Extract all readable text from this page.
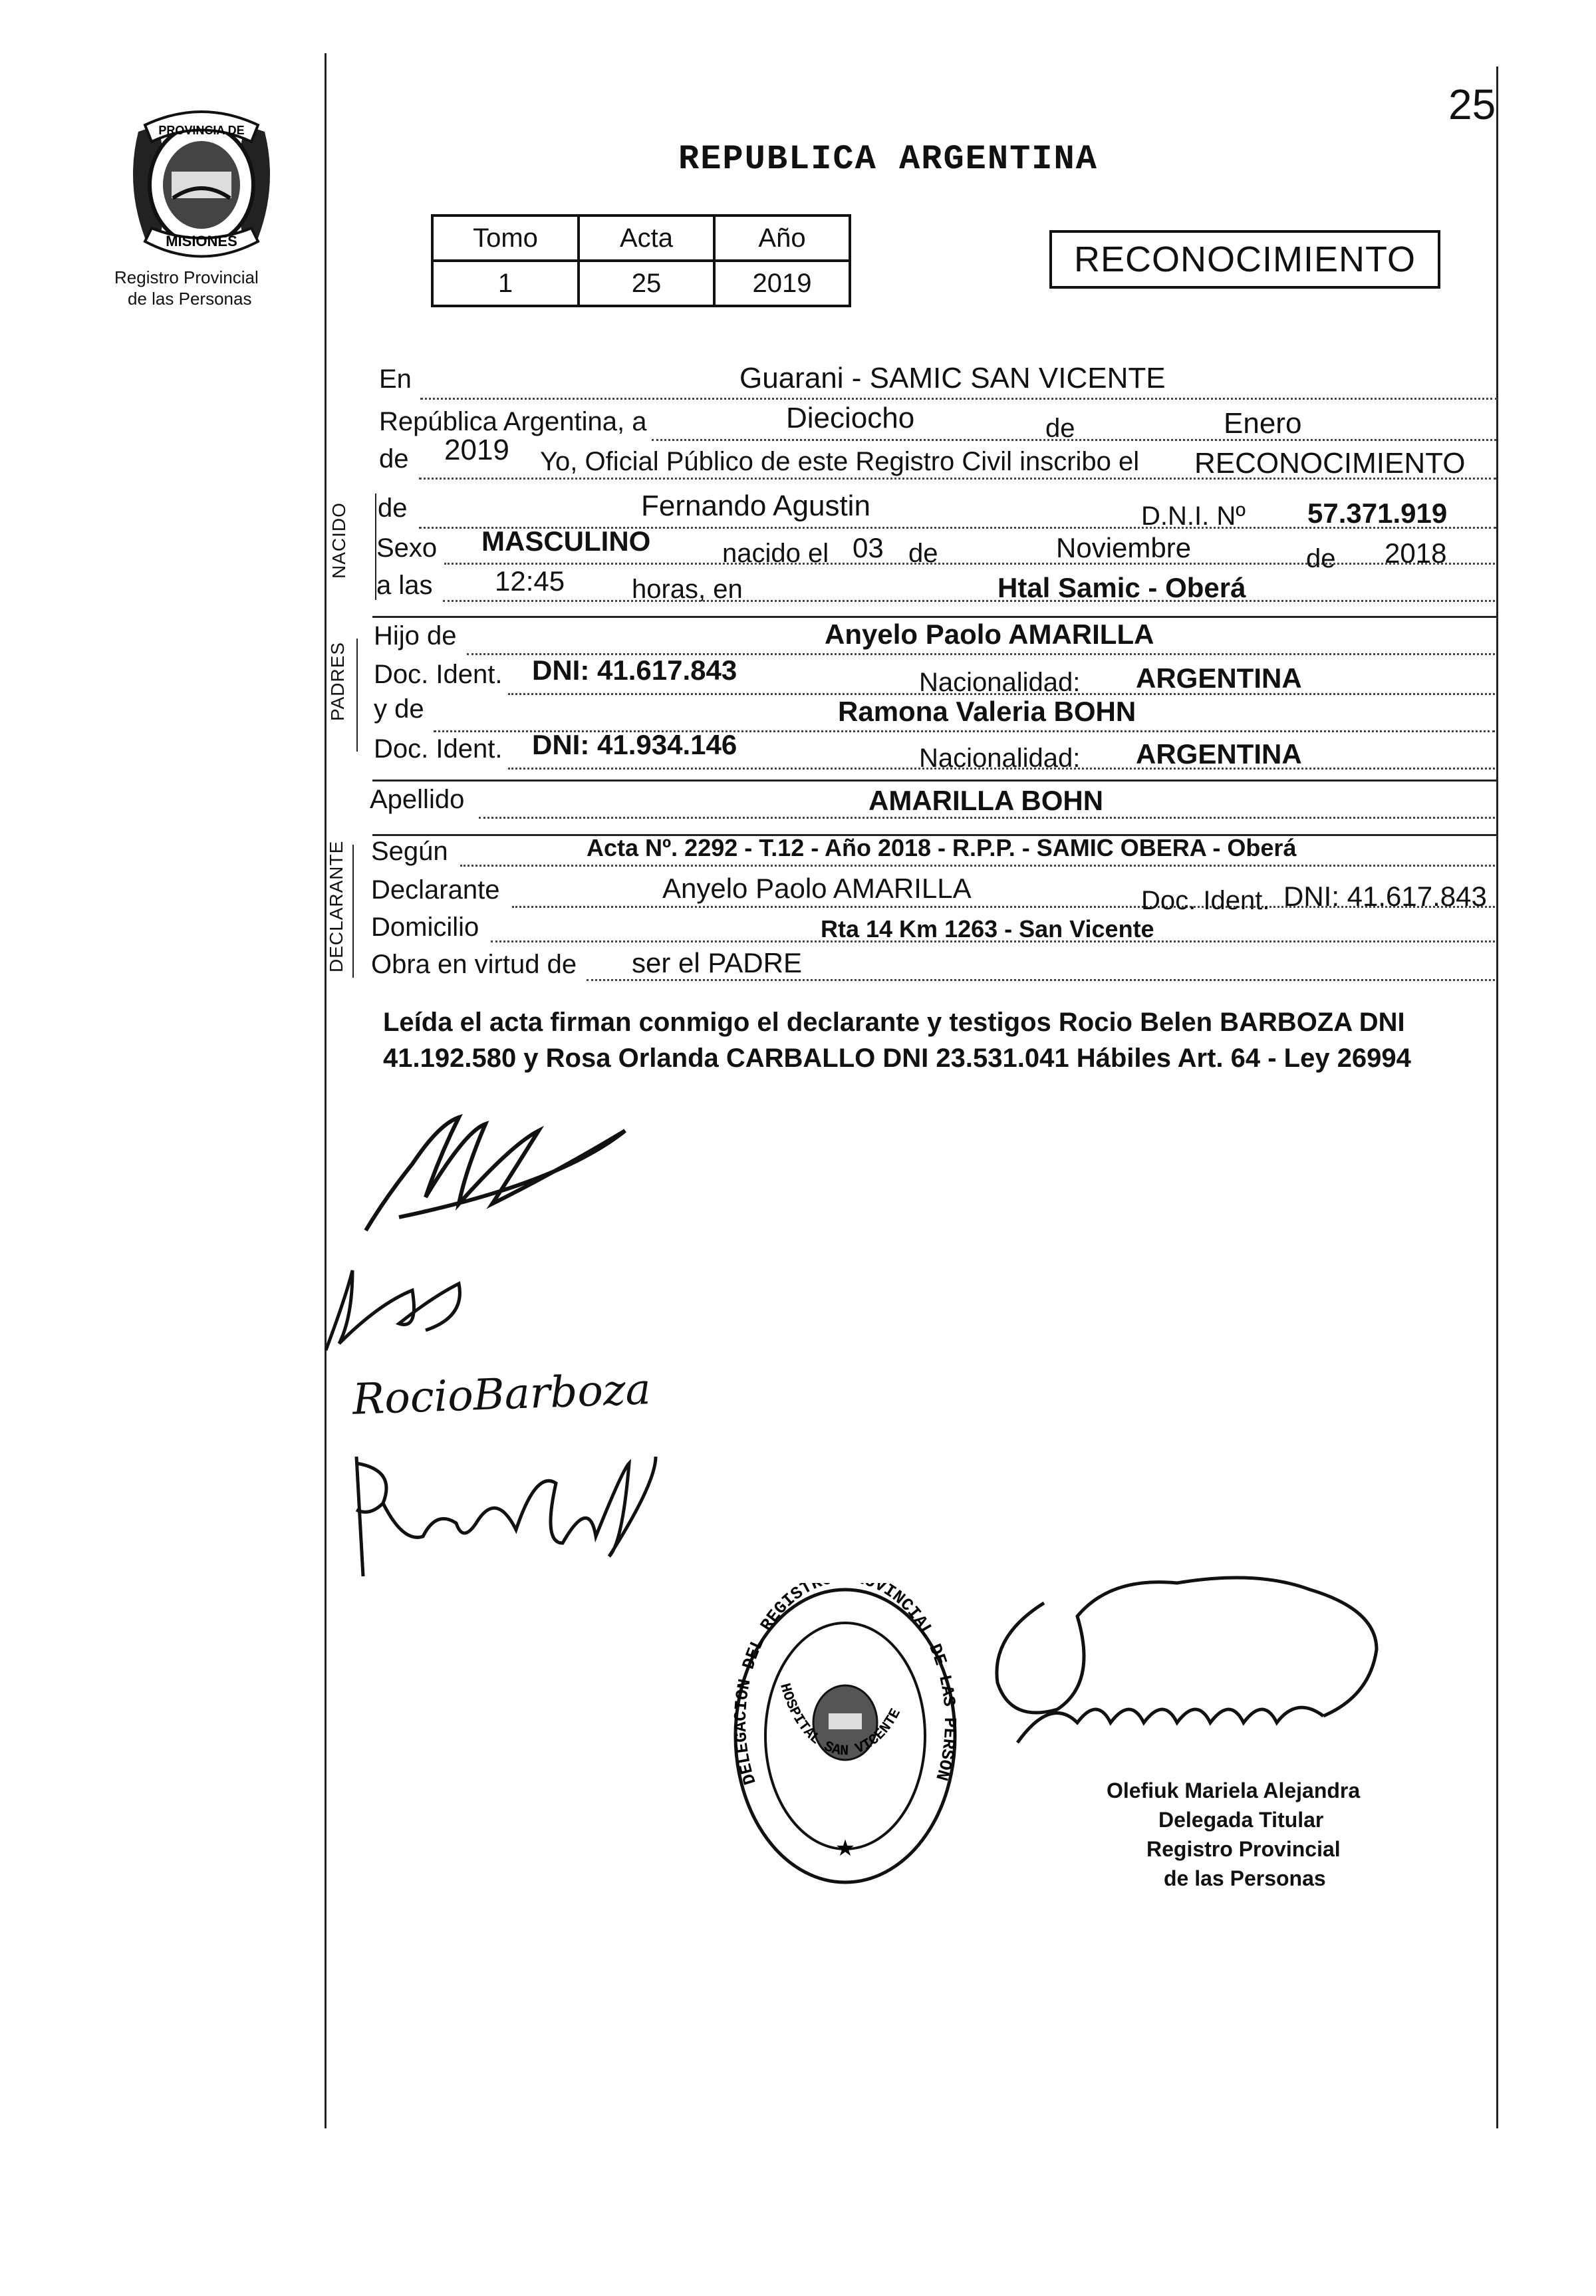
25
PROVINCIA DE
MISIONES
Registro Provincial
de las Personas
REPUBLICA ARGENTINA
Tomo	Acta	Año
1	25	2019
RECONOCIMIENTO
En	Guarani - SAMIC SAN VICENTE
República Argentina, a	Dieciocho	de	Enero
de 2019 Yo, Oficial Público de este Registro Civil inscribo el RECONOCIMIENTO
NACIDO de	Fernando Agustin	D.N.I. Nº 57.371.919
Sexo MASCULINO	nacido el 03 de	Noviembre	de 2018
a las 12:45	horas, en	Htal Samic - Oberá
PADRES
Hijo de	Anyelo Paolo AMARILLA
Doc. Ident. DNI: 41.617.843	Nacionalidad: ARGENTINA
y de	Ramona Valeria BOHN
Doc. Ident. DNI: 41.934.146	Nacionalidad: ARGENTINA
Apellido	AMARILLA BOHN
DECLARANTE Según	Acta Nº. 2292 - T.12 - Año 2018 - R.P.P. - SAMIC OBERA - Oberá
Declarante	Anyelo Paolo AMARILLA	Doc. Ident. DNI: 41.617.843
Domicilio	Rta 14 Km 1263 - San Vicente
Obra en virtud de ser el PADRE
Leída el acta firman conmigo el declarante y testigos Rocio Belen BARBOZA DNI 41.192.580 y Rosa Orlanda CARBALLO DNI 23.531.041 Hábiles Art. 64 - Ley 26994
RocioBarboza
DELEGACION DEL REGIST VINCIAL DE LAS PERSON
HOSPITAL SAN VICENTE
★
Olefiuk Mariela Alejandra
Delegada Titular
Registro Provincial
de las Personas
